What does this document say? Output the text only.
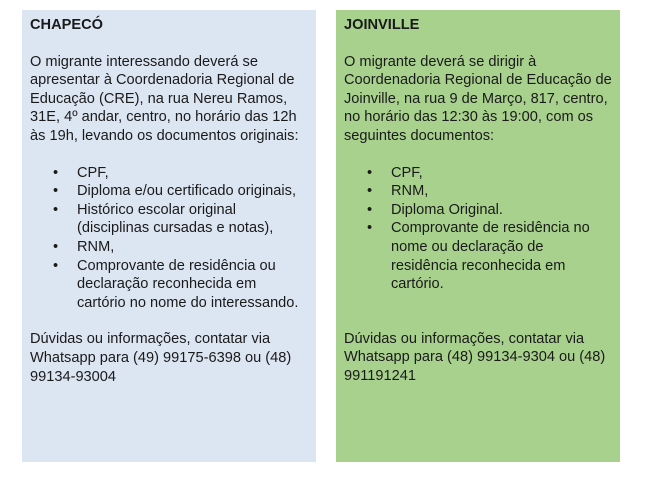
CHAPECÓ

O migrante interessando deverá se apresentar à Coordenadoria Regional de Educação (CRE), na rua Nereu Ramos, 31E, 4º andar, centro, no horário das 12h às 19h, levando os documentos originais:

• CPF,
• Diploma e/ou certificado originais,
• Histórico escolar original (disciplinas cursadas e notas),
• RNM,
• Comprovante de residência ou declaração reconhecida em cartório no nome do interessando.

Dúvidas ou informações, contatar via Whatsapp para (49) 99175-6398 ou (48) 99134-93004

JOINVILLE

O migrante deverá se dirigir à Coordenadoria Regional de Educação de Joinville, na rua 9 de Março, 817, centro, no horário das 12:30 às 19:00, com os seguintes documentos:

• CPF,
• RNM,
• Diploma Original.
• Comprovante de residência no nome ou declaração de residência reconhecida em cartório.

Dúvidas ou informações, contatar via Whatsapp para (48) 99134-9304 ou (48) 991191241
